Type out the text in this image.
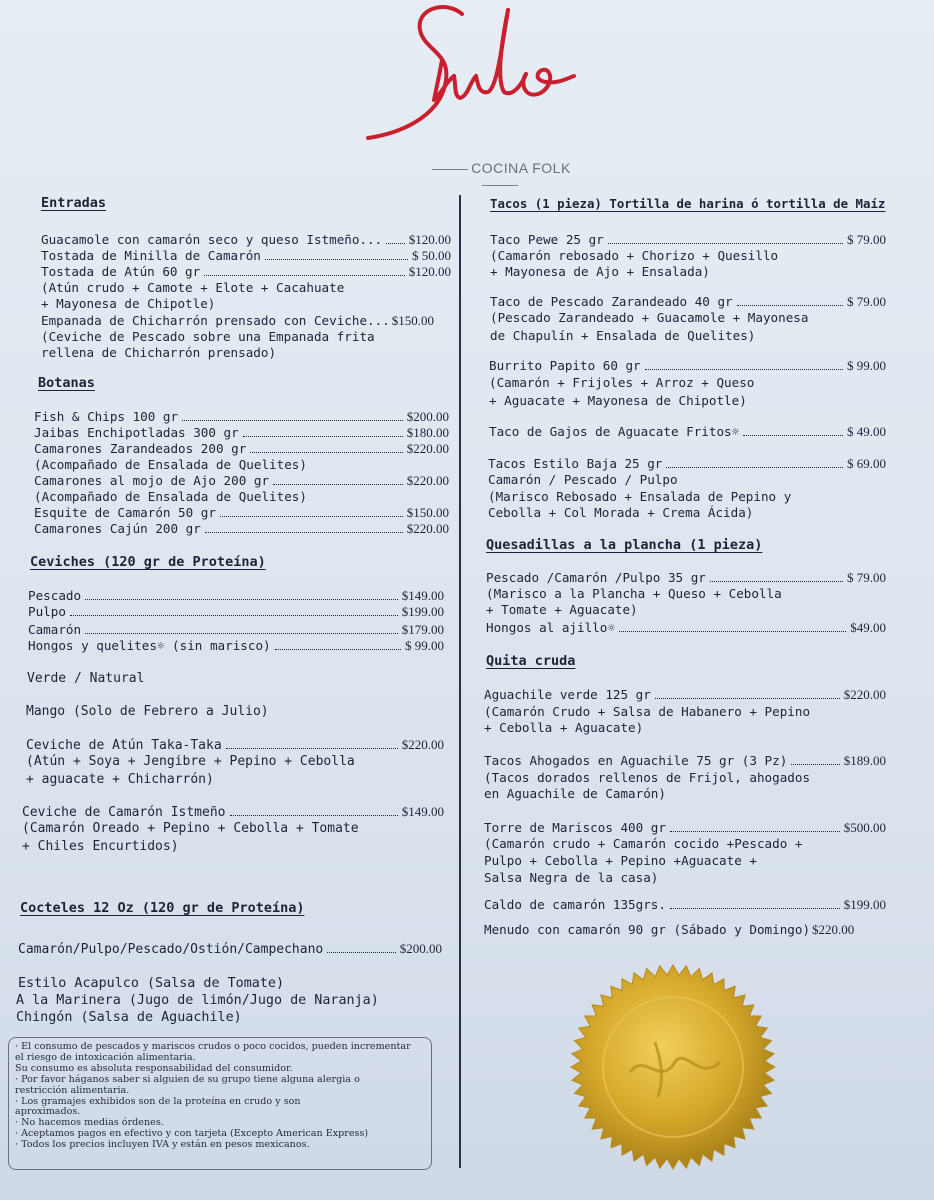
COCINA FOLK
Entradas
Guacamole con camarón seco y queso Istmeño... $120.00
Tostada de Minilla de Camarón	$ 50.00
Tostada de Atún 60 gr	$120.00
(Atún crudo + Camote + Elote + Cacahuate
+ Mayonesa de Chipotle)
Empanada de Chicharrón prensado con Ceviche... $150.00
(Ceviche de Pescado sobre una Empanada frita
rellena de Chicharrón prensado)
Botanas
Fish & Chips 100 gr	$200.00
Jaibas Enchipotladas 300 gr	$180.00
Camarones Zarandeados 200 gr	$220.00
(Acompañado de Ensalada de Quelites)
Camarones al mojo de Ajo 200 gr	$220.00
(Acompañado de Ensalada de Quelites)
Esquite de Camarón 50 gr	$150.00
Camarones Cajún 200 gr	$220.00
Ceviches (120 gr de Proteína)
Pescado	$149.00
Pulpo	$199.00
Camarón	$179.00
Hongos y quelites☼ (sin marisco)	$ 99.00
Verde / Natural
Mango (Solo de Febrero a Julio)
Ceviche de Atún Taka-Taka	$220.00
(Atún + Soya + Jengibre + Pepino + Cebolla
+ aguacate + Chicharrón)
Ceviche de Camarón Istmeño	$149.00
(Camarón Oreado + Pepino + Cebolla + Tomate
+ Chiles Encurtidos)
Cocteles 12 Oz (120 gr de Proteína)
Camarón/Pulpo/Pescado/Ostión/Campechano	$200.00
Estilo Acapulco (Salsa de Tomate)
A la Marinera (Jugo de limón/Jugo de Naranja)
Chingón (Salsa de Aguachile)
· El consumo de pescados y mariscos crudos o poco cocidos, pueden incrementar
el riesgo de intoxicación alimentaria.
Su consumo es absoluta responsabilidad del consumidor.
· Por favor háganos saber si alguien de su grupo tiene alguna alergia o
restricción alimentaria.
· Los gramajes exhibidos son de la proteína en crudo y son
aproximados.
· No hacemos medias órdenes.
· Aceptamos pagos en efectivo y con tarjeta (Excepto American Express)
· Todos los precios incluyen IVA y están en pesos mexicanos.
Tacos (1 pieza) Tortilla de harina ó tortilla de Maíz
Taco Pewe 25 gr	$ 79.00
(Camarón rebosado + Chorizo + Quesillo
+ Mayonesa de Ajo + Ensalada)
Taco de Pescado Zarandeado 40 gr	$ 79.00
(Pescado Zarandeado + Guacamole + Mayonesa
de Chapulín + Ensalada de Quelites)
Burrito Papito 60 gr	$ 99.00
(Camarón + Frijoles + Arroz + Queso
+ Aguacate + Mayonesa de Chipotle)
Taco de Gajos de Aguacate Fritos☼	$ 49.00
Tacos Estilo Baja 25 gr	$ 69.00
Camarón / Pescado / Pulpo
(Marisco Rebosado + Ensalada de Pepino y
Cebolla + Col Morada + Crema Ácida)
Quesadillas a la plancha (1 pieza)
Pescado /Camarón /Pulpo 35 gr	$ 79.00
(Marisco a la Plancha + Queso + Cebolla
+ Tomate + Aguacate)
Hongos al ajillo☼	$49.00
Quita cruda
Aguachile verde 125 gr	$220.00
(Camarón Crudo + Salsa de Habanero + Pepino
+ Cebolla + Aguacate)
Tacos Ahogados en Aguachile 75 gr (3 Pz)	$189.00
(Tacos dorados rellenos de Frijol, ahogados
en Aguachile de Camarón)
Torre de Mariscos 400 gr	$500.00
(Camarón crudo + Camarón cocido +Pescado +
Pulpo + Cebolla + Pepino +Aguacate +
Salsa Negra de la casa)
Caldo de camarón 135grs.	$199.00
Menudo con camarón 90 gr (Sábado y Domingo) $220.00
